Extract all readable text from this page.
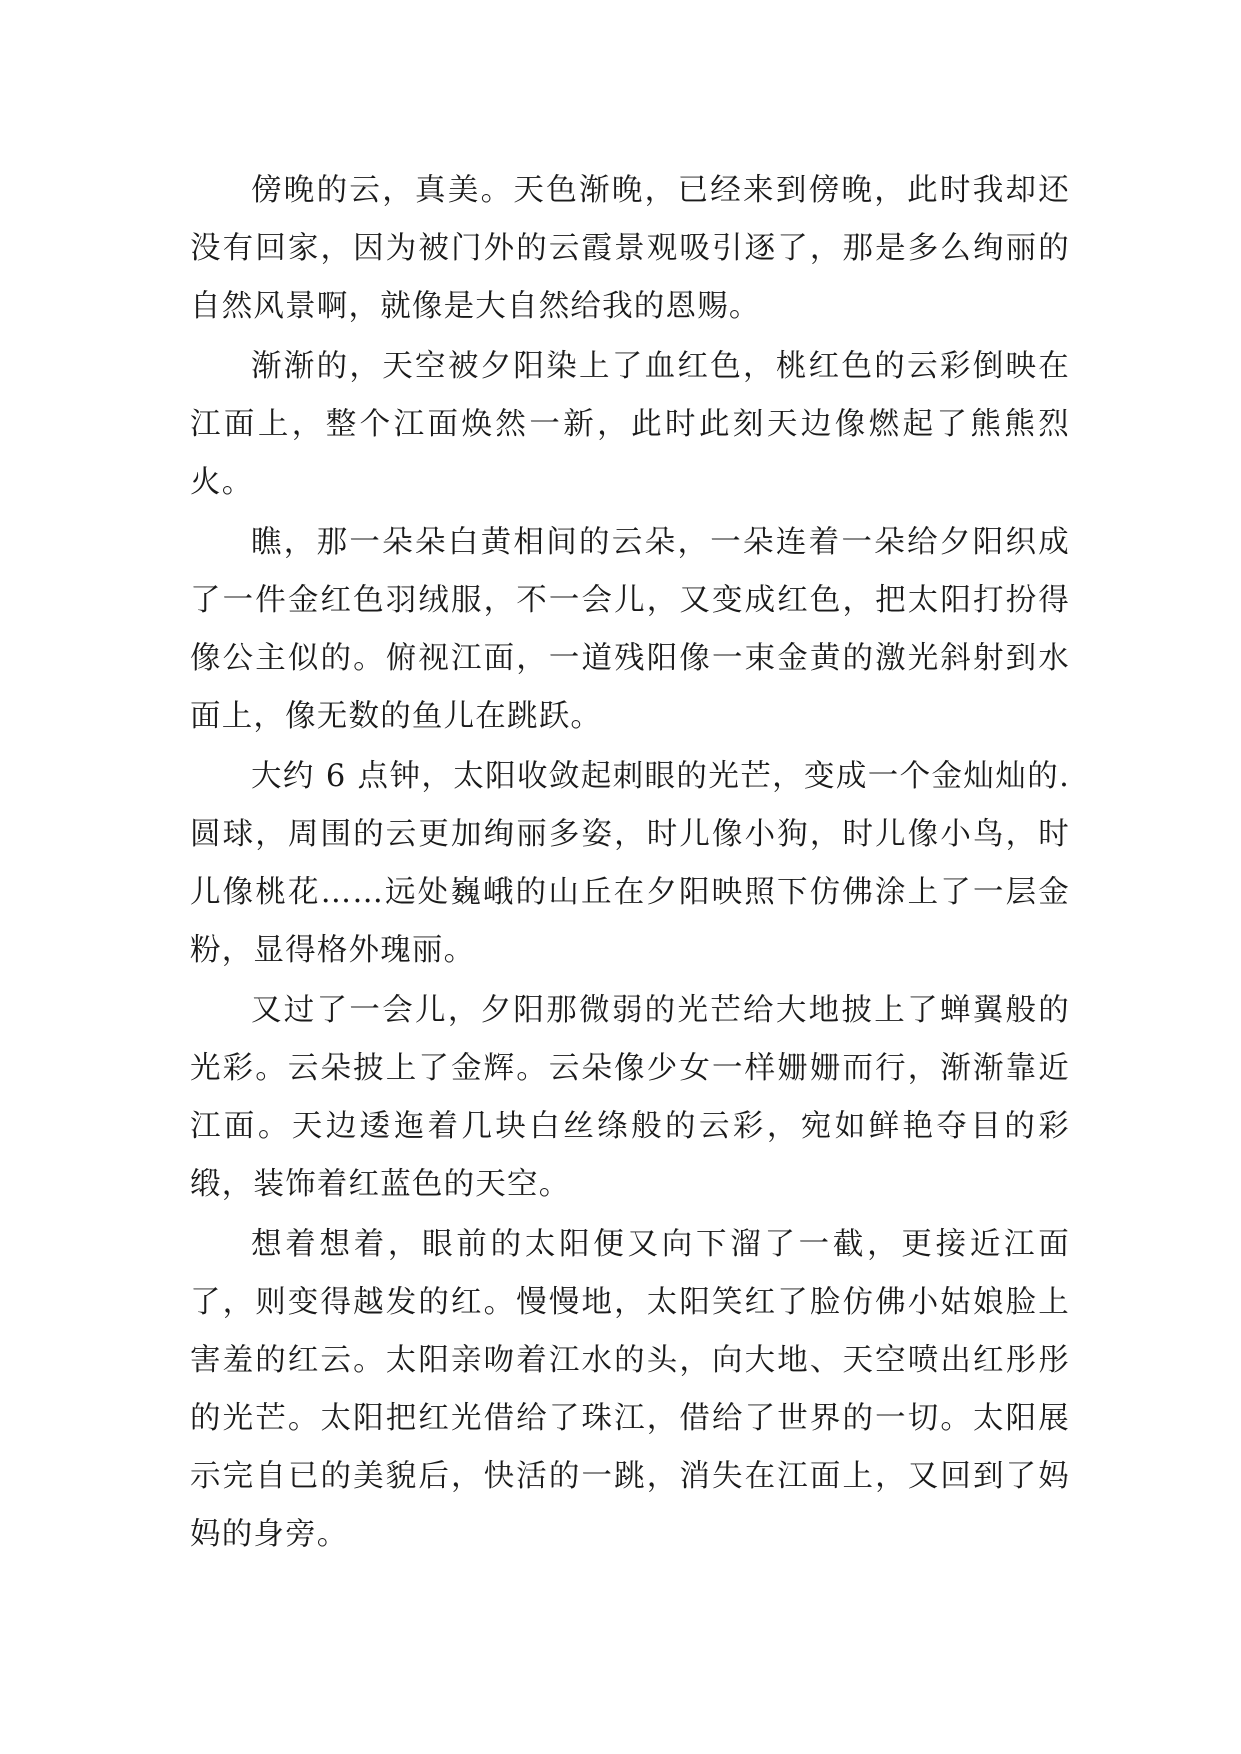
傍晚的云，真美。天色渐晚，已经来到傍晚，此时我却还没有回家，因为被门外的云霞景观吸引逐了，那是多么绚丽的自然风景啊，就像是大自然给我的恩赐。

渐渐的，天空被夕阳染上了血红色，桃红色的云彩倒映在江面上，整个江面焕然一新，此时此刻天边像燃起了熊熊烈火。

瞧，那一朵朵白黄相间的云朵，一朵连着一朵给夕阳织成了一件金红色羽绒服，不一会儿，又变成红色，把太阳打扮得像公主似的。俯视江面，一道残阳像一束金黄的激光斜射到水面上，像无数的鱼儿在跳跃。

大约 6 点钟，太阳收敛起刺眼的光芒，变成一个金灿灿的. 圆球，周围的云更加绚丽多姿，时儿像小狗，时儿像小鸟，时儿像桃花……远处巍峨的山丘在夕阳映照下仿佛涂上了一层金粉，显得格外瑰丽。

又过了一会儿，夕阳那微弱的光芒给大地披上了蝉翼般的光彩。云朵披上了金辉。云朵像少女一样姗姗而行，渐渐靠近江面。天边逶迤着几块白丝绦般的云彩，宛如鲜艳夺目的彩缎，装饰着红蓝色的天空。

想着想着，眼前的太阳便又向下溜了一截，更接近江面了，则变得越发的红。慢慢地，太阳笑红了脸仿佛小姑娘脸上害羞的红云。太阳亲吻着江水的头，向大地、天空喷出红彤彤的光芒。太阳把红光借给了珠江，借给了世界的一切。太阳展示完自已的美貌后，快活的一跳，消失在江面上，又回到了妈妈的身旁。
